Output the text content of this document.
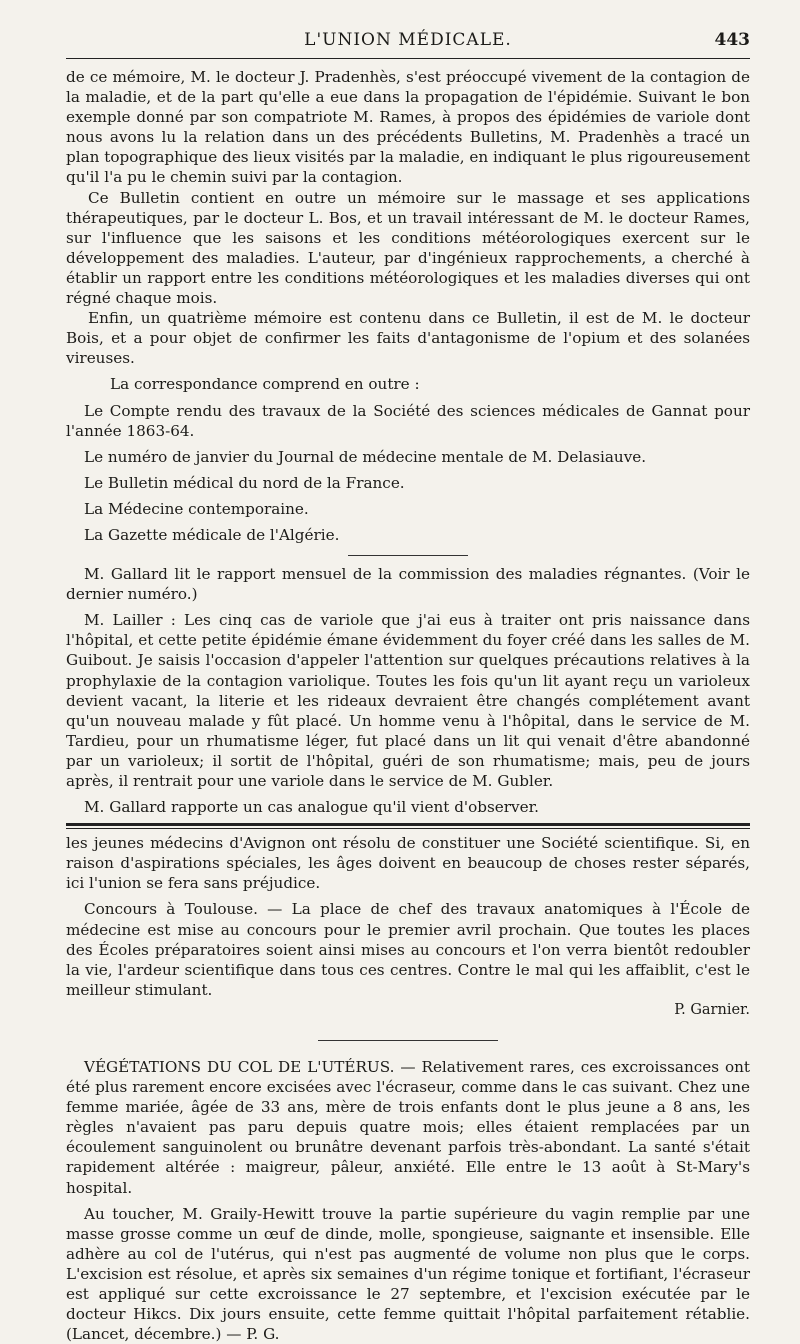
L'UNION MÉDICALE.	443

de ce mémoire, M. le docteur J. Pradenhès, s'est préoccupé vivement de la contagion de la maladie, et de la part qu'elle a eue dans la propagation de l'épidémie. Suivant le bon exemple donné par son compatriote M. Rames, à propos des épidémies de variole dont nous avons lu la relation dans un des précédents Bulletins, M. Pradenhès a tracé un plan topographique des lieux visités par la maladie, en indiquant le plus rigoureusement qu'il l'a pu le chemin suivi par la contagion.

Ce Bulletin contient en outre un mémoire sur le massage et ses applications thérapeutiques, par le docteur L. Bos, et un travail intéressant de M. le docteur Rames, sur l'influence que les saisons et les conditions météorologiques exercent sur le développement des maladies. L'auteur, par d'ingénieux rapprochements, a cherché à établir un rapport entre les conditions météorologiques et les maladies diverses qui ont régné chaque mois.

Enfin, un quatrième mémoire est contenu dans ce Bulletin, il est de M. le docteur Bois, et a pour objet de confirmer les faits d'antagonisme de l'opium et des solanées vireuses.

La correspondance comprend en outre :

Le Compte rendu des travaux de la Société des sciences médicales de Gannat pour l'année 1863-64.

Le numéro de janvier du Journal de médecine mentale de M. Delasiauve.

Le Bulletin médical du nord de la France.

La Médecine contemporaine.

La Gazette médicale de l'Algérie.

M. Gallard lit le rapport mensuel de la commission des maladies régnantes. (Voir le dernier numéro.)

M. Lailler : Les cinq cas de variole que j'ai eus à traiter ont pris naissance dans l'hôpital, et cette petite épidémie émane évidemment du foyer créé dans les salles de M. Guibout. Je saisis l'occasion d'appeler l'attention sur quelques précautions relatives à la prophylaxie de la contagion variolique. Toutes les fois qu'un lit ayant reçu un varioleux devient vacant, la literie et les rideaux devraient être changés complétement avant qu'un nouveau malade y fût placé. Un homme venu à l'hôpital, dans le service de M. Tardieu, pour un rhumatisme léger, fut placé dans un lit qui venait d'être abandonné par un varioleux; il sortit de l'hôpital, guéri de son rhumatisme; mais, peu de jours après, il rentrait pour une variole dans le service de M. Gubler.

M. Gallard rapporte un cas analogue qu'il vient d'observer.

les jeunes médecins d'Avignon ont résolu de constituer une Société scientifique. Si, en raison d'aspirations spéciales, les âges doivent en beaucoup de choses rester séparés, ici l'union se fera sans préjudice.

Concours à Toulouse. — La place de chef des travaux anatomiques à l'École de médecine est mise au concours pour le premier avril prochain. Que toutes les places des Écoles préparatoires soient ainsi mises au concours et l'on verra bientôt redoubler la vie, l'ardeur scientifique dans tous ces centres. Contre le mal qui les affaiblit, c'est le meilleur stimulant.

P. Garnier.

VÉGÉTATIONS DU COL DE L'UTÉRUS. — Relativement rares, ces excroissances ont été plus rarement encore excisées avec l'écraseur, comme dans le cas suivant. Chez une femme mariée, âgée de 33 ans, mère de trois enfants dont le plus jeune a 8 ans, les règles n'avaient pas paru depuis quatre mois; elles étaient remplacées par un écoulement sanguinolent ou brunâtre devenant parfois très-abondant. La santé s'était rapidement altérée : maigreur, pâleur, anxiété. Elle entre le 13 août à St-Mary's hospital.

Au toucher, M. Graily-Hewitt trouve la partie supérieure du vagin remplie par une masse grosse comme un œuf de dinde, molle, spongieuse, saignante et insensible. Elle adhère au col de l'utérus, qui n'est pas augmenté de volume non plus que le corps. L'excision est résolue, et après six semaines d'un régime tonique et fortifiant, l'écraseur est appliqué sur cette excroissance le 27 septembre, et l'excision exécutée par le docteur Hikcs. Dix jours ensuite, cette femme quittait l'hôpital parfaitement rétablie. (Lancet, décembre.) — P. G.
